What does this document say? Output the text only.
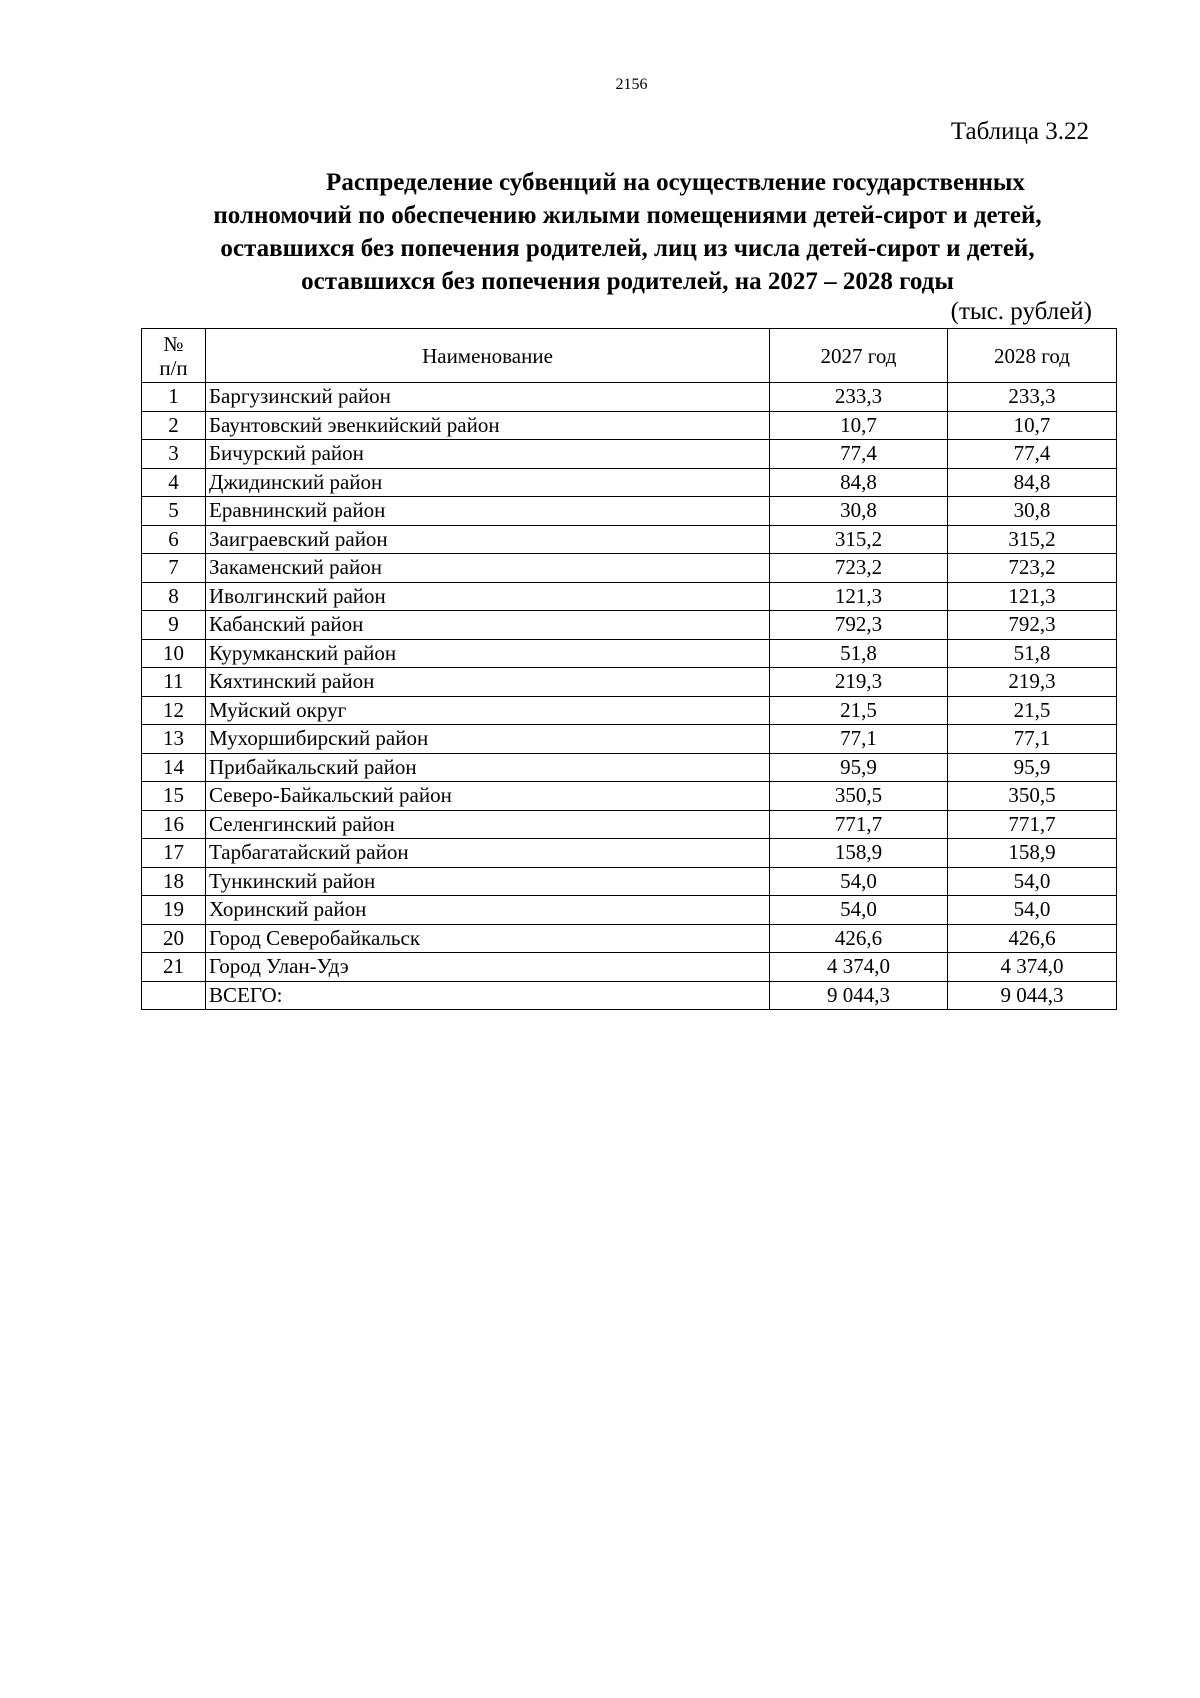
2156
Таблица 3.22
Распределение субвенций на осуществление государственных
полномочий по обеспечению жилыми помещениями детей-сирот и детей,
оставшихся без попечения родителей, лиц из числа детей-сирот и детей,
оставшихся без попечения родителей, на 2027 – 2028 годы
(тыс. рублей)
№
п/п	Наименование	2027 год	2028 год
1	Баргузинский район	233,3	233,3
2	Баунтовский эвенкийский район	10,7	10,7
3	Бичурский район	77,4	77,4
4	Джидинский район	84,8	84,8
5	Еравнинский район	30,8	30,8
6	Заиграевский район	315,2	315,2
7	Закаменский район	723,2	723,2
8	Иволгинский район	121,3	121,3
9	Кабанский район	792,3	792,3
10	Курумканский район	51,8	51,8
11	Кяхтинский район	219,3	219,3
12	Муйский округ	21,5	21,5
13	Мухоршибирский район	77,1	77,1
14	Прибайкальский район	95,9	95,9
15	Северо-Байкальский район	350,5	350,5
16	Селенгинский район	771,7	771,7
17	Тарбагатайский район	158,9	158,9
18	Тункинский район	54,0	54,0
19	Хоринский район	54,0	54,0
20	Город Северобайкальск	426,6	426,6
21	Город Улан-Удэ	4 374,0	4 374,0
	ВСЕГО:	9 044,3	9 044,3
